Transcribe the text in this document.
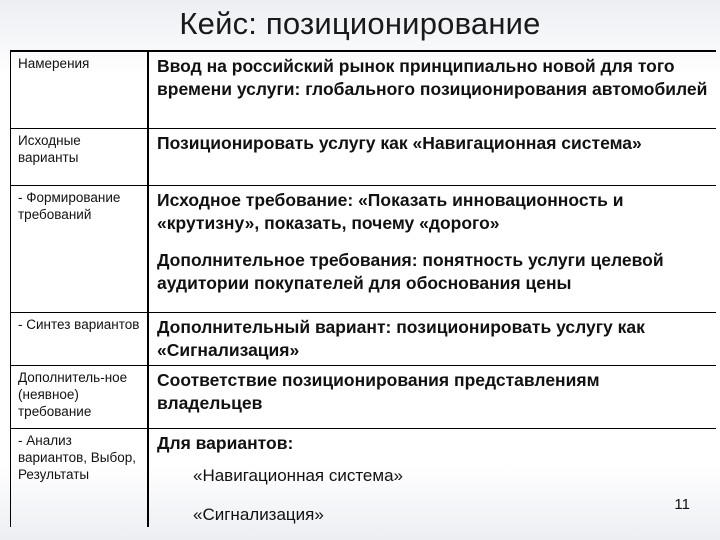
Кейс: позиционирование
Намерения	Ввод на российский рынок принципиально новой для того времени услуги: глобального позиционирования автомобилей

Исходные варианты

Позиционировать услугу как «Навигационная система»

- Формирование требований

Исходное требование: «Показать инновационность и «крутизну», показать, почему «дорого»

Дополнительное требования: понятность услуги целевой аудитории покупателей для обоснования цены

- Синтез вариантов	Дополнительный вариант: позиционировать услугу как «Сигнализация»

Дополнитель-ное (неявное) требование

Соответствие позиционирования представлениям владельцев

- Анализ вариантов, Выбор, Результаты

Для вариантов:

«Навигационная система»
«Сигнализация»
11
